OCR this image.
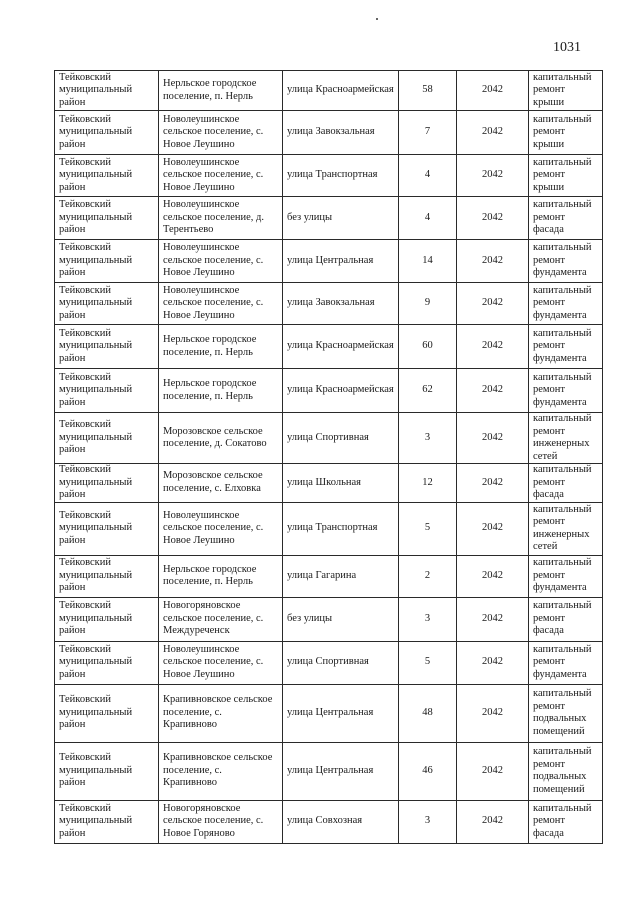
1031
Тейковский муниципальный район	Нерльское городское поселение, п. Нерль	улица Красноармейская	58	2042	капитальный ремонт крыши
Тейковский муниципальный район	Новолеушинское сельское поселение, с. Новое Леушино	улица Завокзальная	7	2042	капитальный ремонт крыши
Тейковский муниципальный район	Новолеушинское сельское поселение, с. Новое Леушино	улица Транспортная	4	2042	капитальный ремонт крыши
Тейковский муниципальный район	Новолеушинское сельское поселение, д. Терентьево	без улицы	4	2042	капитальный ремонт фасада
Тейковский муниципальный район	Новолеушинское сельское поселение, с. Новое Леушино	улица Центральная	14	2042	капитальный ремонт фундамента
Тейковский муниципальный район	Новолеушинское сельское поселение, с. Новое Леушино	улица Завокзальная	9	2042	капитальный ремонт фундамента
Тейковский муниципальный район	Нерльское городское поселение, п. Нерль	улица Красноармейская	60	2042	капитальный ремонт фундамента
Тейковский муниципальный район	Нерльское городское поселение, п. Нерль	улица Красноармейская	62	2042	капитальный ремонт фундамента
Тейковский муниципальный район	Морозовское сельское поселение, д. Сокатово	улица Спортивная	3	2042	капитальный ремонт инженерных сетей
Тейковский муниципальный район	Морозовское сельское поселение, с. Елховка	улица Школьная	12	2042	капитальный ремонт фасада
Тейковский муниципальный район	Новолеушинское сельское поселение, с. Новое Леушино	улица Транспортная	5	2042	капитальный ремонт инженерных сетей
Тейковский муниципальный район	Нерльское городское поселение, п. Нерль	улица Гагарина	2	2042	капитальный ремонт фундамента
Тейковский муниципальный район	Новогоряновское сельское поселение, с. Междуреченск	без улицы	3	2042	капитальный ремонт фасада
Тейковский муниципальный район	Новолеушинское сельское поселение, с. Новое Леушино	улица Спортивная	5	2042	капитальный ремонт фундамента
Тейковский муниципальный район	Крапивновское сельское поселение, с. Крапивново	улица Центральная	48	2042	капитальный ремонт подвальных помещений
Тейковский муниципальный район	Крапивновское сельское поселение, с. Крапивново	улица Центральная	46	2042	капитальный ремонт подвальных помещений
Тейковский муниципальный район	Новогоряновское сельское поселение, с. Новое Горяново	улица Совхозная	3	2042	капитальный ремонт фасада
